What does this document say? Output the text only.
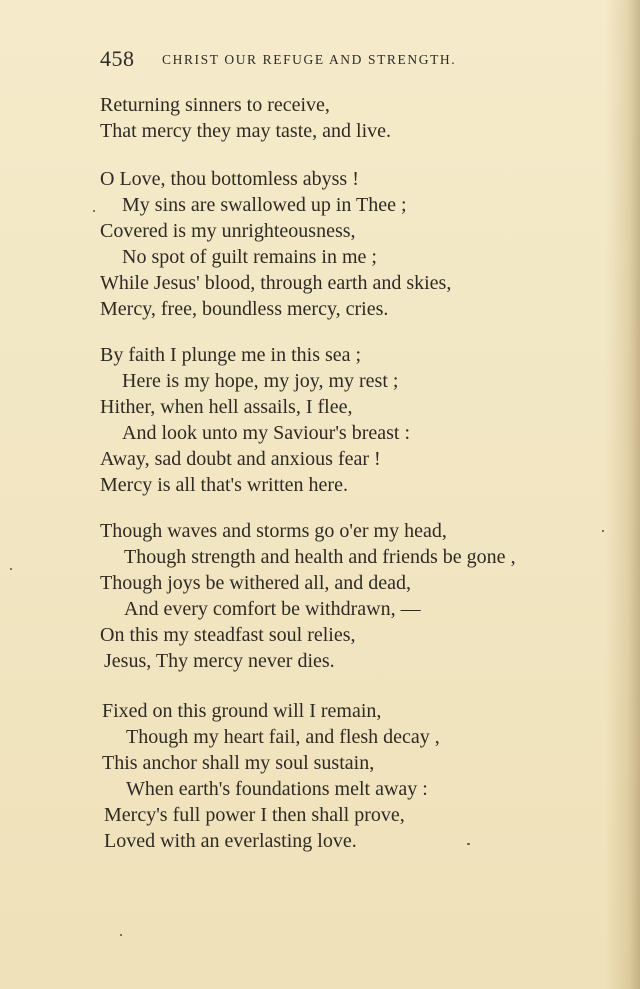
458 CHRIST OUR REFUGE AND STRENGTH.
Returning sinners to receive,
That mercy they may taste, and live.
O Love, thou bottomless abyss !
My sins are swallowed up in Thee ;
Covered is my unrighteousness,
No spot of guilt remains in me ;
While Jesus' blood, through earth and skies,
Mercy, free, boundless mercy, cries.
By faith I plunge me in this sea ;
Here is my hope, my joy, my rest ;
Hither, when hell assails, I flee,
And look unto my Saviour's breast :
Away, sad doubt and anxious fear !
Mercy is all that's written here.
Though waves and storms go o'er my head,
Though strength and health and friends be gone ,
Though joys be withered all, and dead,
And every comfort be withdrawn, —
On this my steadfast soul relies,
Jesus, Thy mercy never dies.
Fixed on this ground will I remain,
Though my heart fail, and flesh decay ,
This anchor shall my soul sustain,
When earth's foundations melt away :
Mercy's full power I then shall prove,
Loved with an everlasting love.
